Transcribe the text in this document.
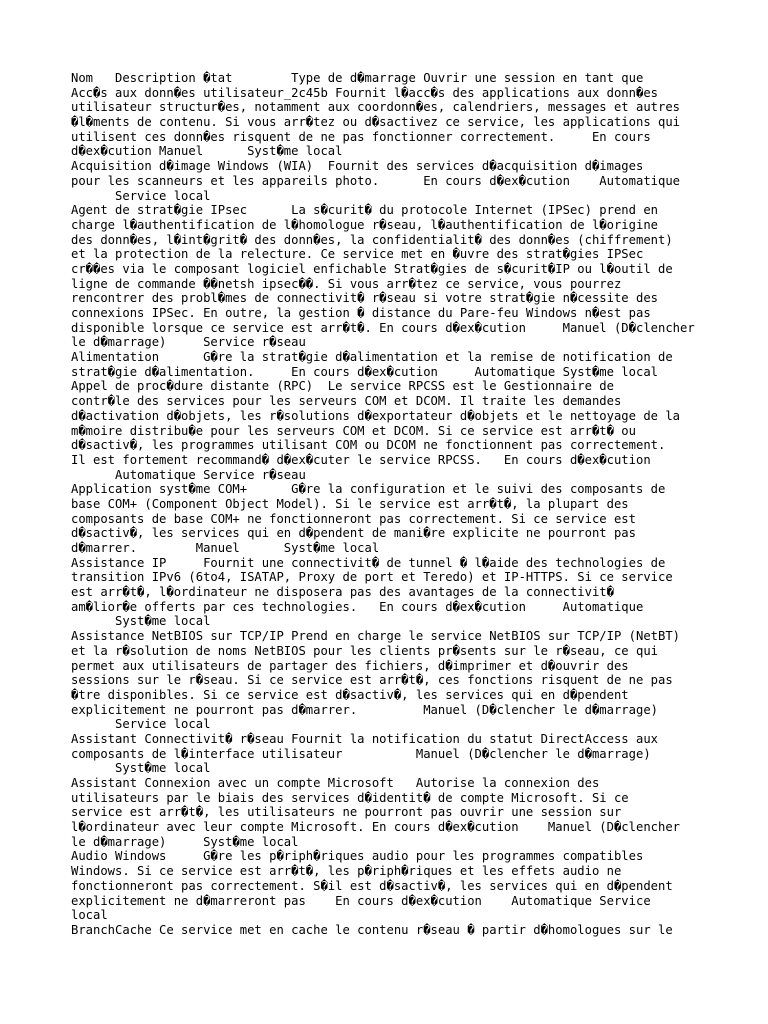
Nom   Description �tat        Type de d�marrage Ouvrir une session en tant que
Acc�s aux donn�es utilisateur_2c45b Fournit l�acc�s des applications aux donn�es
utilisateur structur�es, notamment aux coordonn�es, calendriers, messages et autres
�l�ments de contenu. Si vous arr�tez ou d�sactivez ce service, les applications qui
utilisent ces donn�es risquent de ne pas fonctionner correctement.     En cours
d�ex�cution Manuel      Syst�me local
Acquisition d�image Windows (WIA)  Fournit des services d�acquisition d�images
pour les scanneurs et les appareils photo.      En cours d�ex�cution    Automatique
Service local
Agent de strat�gie IPsec      La s�curit� du protocole Internet (IPSec) prend en
charge l�authentification de l�homologue r�seau, l�authentification de l�origine
des donn�es, l�int�grit� des donn�es, la confidentialit� des donn�es (chiffrement)
et la protection de la relecture. Ce service met en �uvre des strat�gies IPSec
cr��es via le composant logiciel enfichable Strat�gies de s�curit�IP ou l�outil de
ligne de commande ��netsh ipsec��. Si vous arr�tez ce service, vous pourrez
rencontrer des probl�mes de connectivit� r�seau si votre strat�gie n�cessite des
connexions IPSec. En outre, la gestion � distance du Pare-feu Windows n�est pas
disponible lorsque ce service est arr�t�. En cours d�ex�cution     Manuel (D�clencher
le d�marrage)     Service r�seau
Alimentation      G�re la strat�gie d�alimentation et la remise de notification de
strat�gie d�alimentation.     En cours d�ex�cution     Automatique Syst�me local
Appel de proc�dure distante (RPC)  Le service RPCSS est le Gestionnaire de
contr�le des services pour les serveurs COM et DCOM. Il traite les demandes
d�activation d�objets, les r�solutions d�exportateur d�objets et le nettoyage de la
m�moire distribu�e pour les serveurs COM et DCOM. Si ce service est arr�t� ou
d�sactiv�, les programmes utilisant COM ou DCOM ne fonctionnent pas correctement.
Il est fortement recommand� d�ex�cuter le service RPCSS.   En cours d�ex�cution
Automatique Service r�seau
Application syst�me COM+      G�re la configuration et le suivi des composants de
base COM+ (Component Object Model). Si le service est arr�t�, la plupart des
composants de base COM+ ne fonctionneront pas correctement. Si ce service est
d�sactiv�, les services qui en d�pendent de mani�re explicite ne pourront pas
d�marrer.        Manuel      Syst�me local
Assistance IP     Fournit une connectivit� de tunnel � l�aide des technologies de
transition IPv6 (6to4, ISATAP, Proxy de port et Teredo) et IP-HTTPS. Si ce service
est arr�t�, l�ordinateur ne disposera pas des avantages de la connectivit�
am�lior�e offerts par ces technologies.   En cours d�ex�cution     Automatique
Syst�me local
Assistance NetBIOS sur TCP/IP Prend en charge le service NetBIOS sur TCP/IP (NetBT)
et la r�solution de noms NetBIOS pour les clients pr�sents sur le r�seau, ce qui
permet aux utilisateurs de partager des fichiers, d�imprimer et d�ouvrir des
sessions sur le r�seau. Si ce service est arr�t�, ces fonctions risquent de ne pas
�tre disponibles. Si ce service est d�sactiv�, les services qui en d�pendent
explicitement ne pourront pas d�marrer.         Manuel (D�clencher le d�marrage)
Service local
Assistant Connectivit� r�seau Fournit la notification du statut DirectAccess aux
composants de l�interface utilisateur          Manuel (D�clencher le d�marrage)
Syst�me local
Assistant Connexion avec un compte Microsoft   Autorise la connexion des
utilisateurs par le biais des services d�identit� de compte Microsoft. Si ce
service est arr�t�, les utilisateurs ne pourront pas ouvrir une session sur
l�ordinateur avec leur compte Microsoft. En cours d�ex�cution    Manuel (D�clencher
le d�marrage)     Syst�me local
Audio Windows     G�re les p�riph�riques audio pour les programmes compatibles
Windows. Si ce service est arr�t�, les p�riph�riques et les effets audio ne
fonctionneront pas correctement. S�il est d�sactiv�, les services qui en d�pendent
explicitement ne d�marreront pas    En cours d�ex�cution    Automatique Service
local
BranchCache Ce service met en cache le contenu r�seau � partir d�homologues sur le
